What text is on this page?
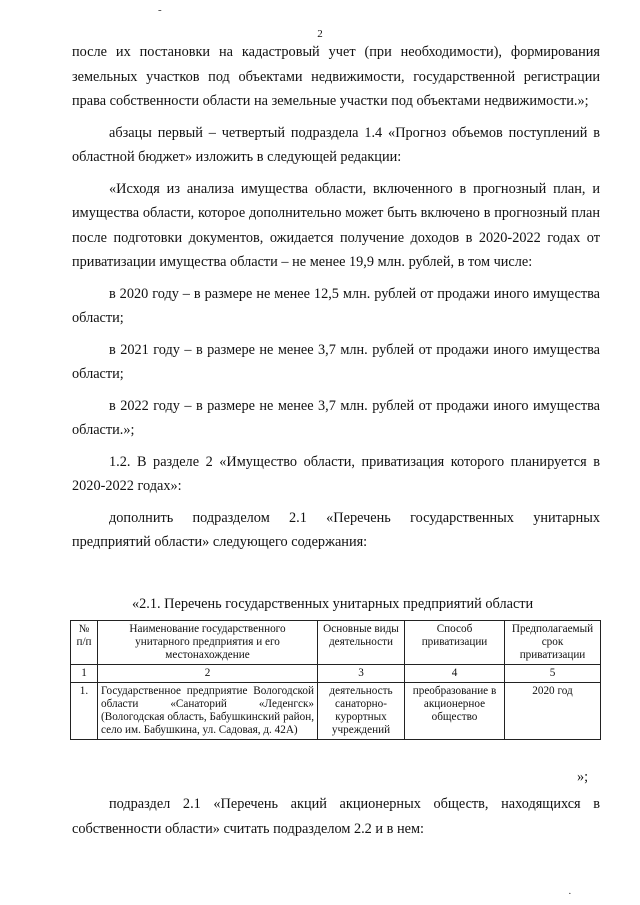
-
2

после их постановки на кадастровый учет (при необходимости), формирования земельных участков под объектами недвижимости, государственной регистрации права собственности области на земельные участки под объектами недвижимости.»;

абзацы первый – четвертый подраздела 1.4 «Прогноз объемов поступлений в областной бюджет» изложить в следующей редакции:

«Исходя из анализа имущества области, включенного в прогнозный план, и имущества области, которое дополнительно может быть включено в прогнозный план после подготовки документов, ожидается получение доходов в 2020-2022 годах от приватизации имущества области – не менее 19,9 млн. рублей, в том числе:

в 2020 году – в размере не менее 12,5 млн. рублей от продажи иного имущества области;

в 2021 году – в размере не менее 3,7 млн. рублей от продажи иного имущества области;

в 2022 году – в размере не менее 3,7 млн. рублей от продажи иного имущества области.»;

1.2. В разделе 2 «Имущество области, приватизация которого планируется в 2020-2022 годах»:

дополнить подразделом 2.1 «Перечень государственных унитарных предприятий области» следующего содержания:

«2.1. Перечень государственных унитарных предприятий области
№ п/п	Наименование государственного унитарного предприятия и его местонахождение	Основные виды деятельности	Способ приватизации	Предполагаемый срок приватизации
1	2	3	4	5
1.	Государственное предприятие Вологодской области «Санаторий «Леденгск» (Вологодская область, Бабушкинский район, село им. Бабушкина, ул. Садовая, д. 42А)	деятельность санаторно-курортных учреждений	преобразование в акционерное общество	2020 год
»;

подраздел 2.1 «Перечень акций акционерных обществ, находящихся в собственности области» считать подразделом 2.2 и в нем:

·
